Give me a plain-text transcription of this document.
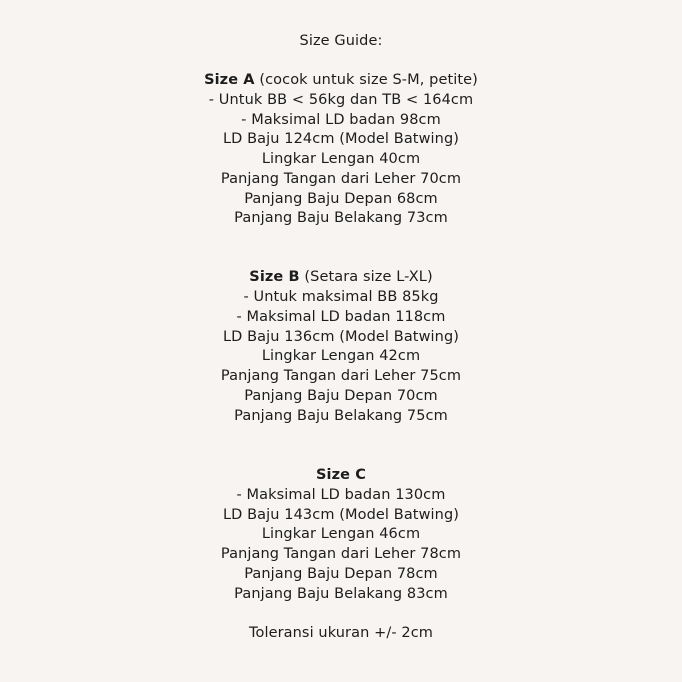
Size Guide:
Size A (cocok untuk size S-M, petite)
- Untuk BB < 56kg dan TB < 164cm
- Maksimal LD badan 98cm
LD Baju 124cm (Model Batwing)
Lingkar Lengan 40cm
Panjang Tangan dari Leher 70cm
Panjang Baju Depan 68cm
Panjang Baju Belakang 73cm
Size B (Setara size L-XL)
- Untuk maksimal BB 85kg
- Maksimal LD badan 118cm
LD Baju 136cm (Model Batwing)
Lingkar Lengan 42cm
Panjang Tangan dari Leher 75cm
Panjang Baju Depan 70cm
Panjang Baju Belakang 75cm
Size C
- Maksimal LD badan 130cm
LD Baju 143cm (Model Batwing)
Lingkar Lengan 46cm
Panjang Tangan dari Leher 78cm
Panjang Baju Depan 78cm
Panjang Baju Belakang 83cm
Toleransi ukuran +/- 2cm
